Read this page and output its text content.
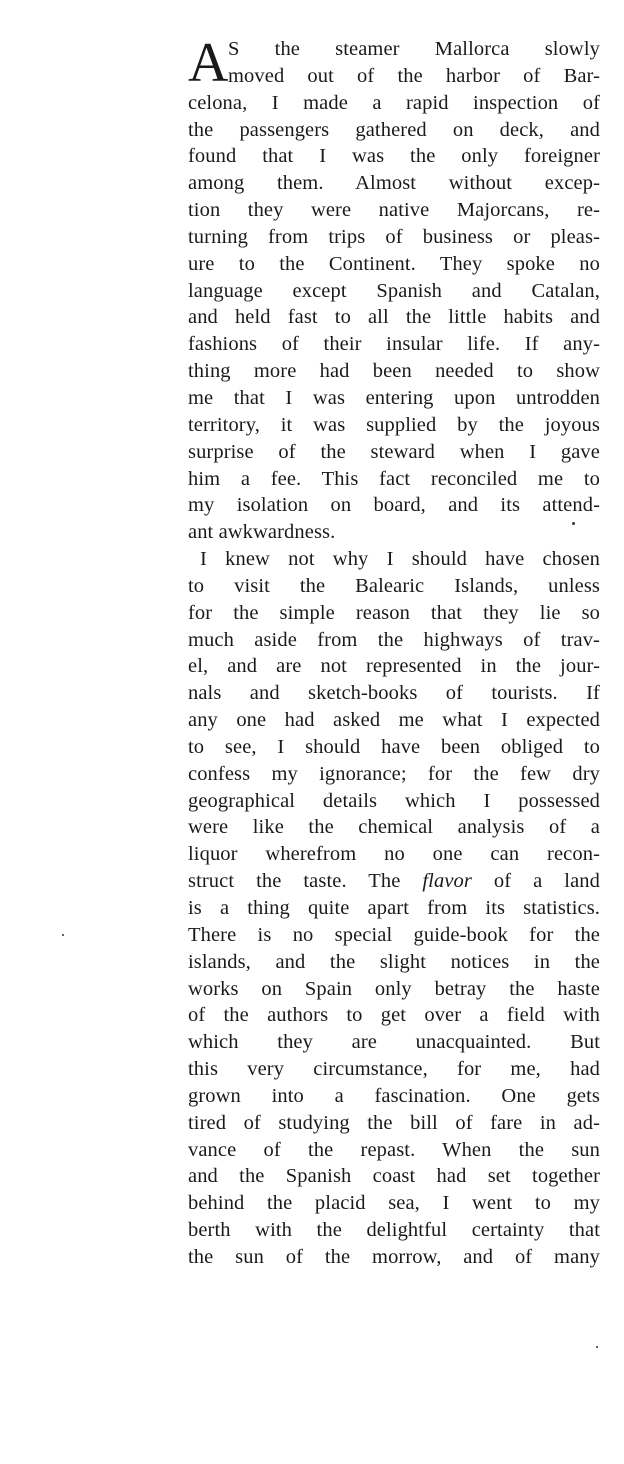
A S the steamer Mallorca slowly
moved out of the harbor of Bar-
celona, I made a rapid inspection of
the passengers gathered on deck, and
found that I was the only foreigner
among them. Almost without excep-
tion they were native Majorcans, re-
turning from trips of business or pleas-
ure to the Continent. They spoke no
language except Spanish and Catalan,
and held fast to all the little habits and
fashions of their insular life. If any-
thing more had been needed to show
me that I was entering upon untrodden
territory, it was supplied by the joyous
surprise of the steward when I gave
him a fee. This fact reconciled me to
my isolation on board, and its attend-
ant awkwardness.
I knew not why I should have chosen
to visit the Balearic Islands, unless
for the simple reason that they lie so
much aside from the highways of trav-
el, and are not represented in the jour-
nals and sketch-books of tourists. If
any one had asked me what I expected
to see, I should have been obliged to
confess my ignorance; for the few dry
geographical details which I possessed
were like the chemical analysis of a
liquor wherefrom no one can recon-
struct the taste. The flavor of a land
is a thing quite apart from its statistics.
There is no special guide-book for the
islands, and the slight notices in the
works on Spain only betray the haste
of the authors to get over a field with
which they are unacquainted. But
this very circumstance, for me, had
grown into a fascination. One gets
tired of studying the bill of fare in ad-
vance of the repast. When the sun
and the Spanish coast had set together
behind the placid sea, I went to my
berth with the delightful certainty that
the sun of the morrow, and of many
